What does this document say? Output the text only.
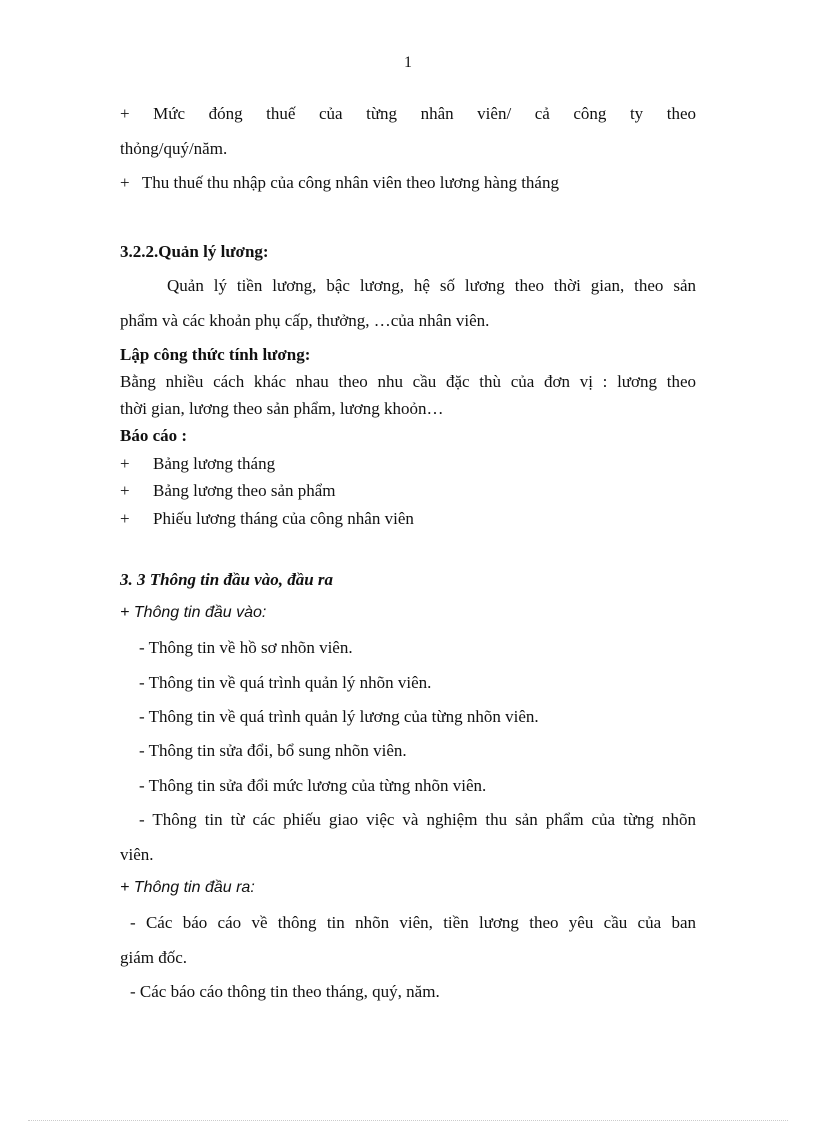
1
+ Mức đóng thuế của từng nhân viên/ cả công ty theo
thỏng/quý/năm.
+ Thu thuế thu nhập của công nhân viên theo lương hàng tháng
3.2.2.Quản lý lương:
Quản lý tiền lương, bậc lương, hệ số lương theo thời gian, theo sản
phẩm và các khoản phụ cấp, thưởng, …của nhân viên.
Lập công thức tính lương:
Bằng nhiều cách khác nhau theo nhu cầu đặc thù của đơn vị : lương theo
thời gian, lương theo sản phẩm, lương khoỏn…
Báo cáo :
+ Bảng lương tháng
+ Bảng lương theo sản phẩm
+ Phiếu lương tháng của công nhân viên
3. 3 Thông tin đầu vào, đầu ra
+ Thông tin đầu vào:
- Thông tin về hồ sơ nhõn viên.
- Thông tin về quá trình quản lý nhõn viên.
- Thông tin về quá trình quản lý lương của từng nhõn viên.
- Thông tin sửa đổi, bổ sung nhõn viên.
- Thông tin sửa đổi mức lương của từng nhõn viên.
- Thông tin từ các phiếu giao việc và nghiệm thu sản phẩm của từng nhõn
viên.
+ Thông tin đầu ra:
- Các báo cáo về thông tin nhõn viên, tiền lương theo yêu cầu của ban
giám đốc.
- Các báo cáo thông tin theo tháng, quý, năm.
